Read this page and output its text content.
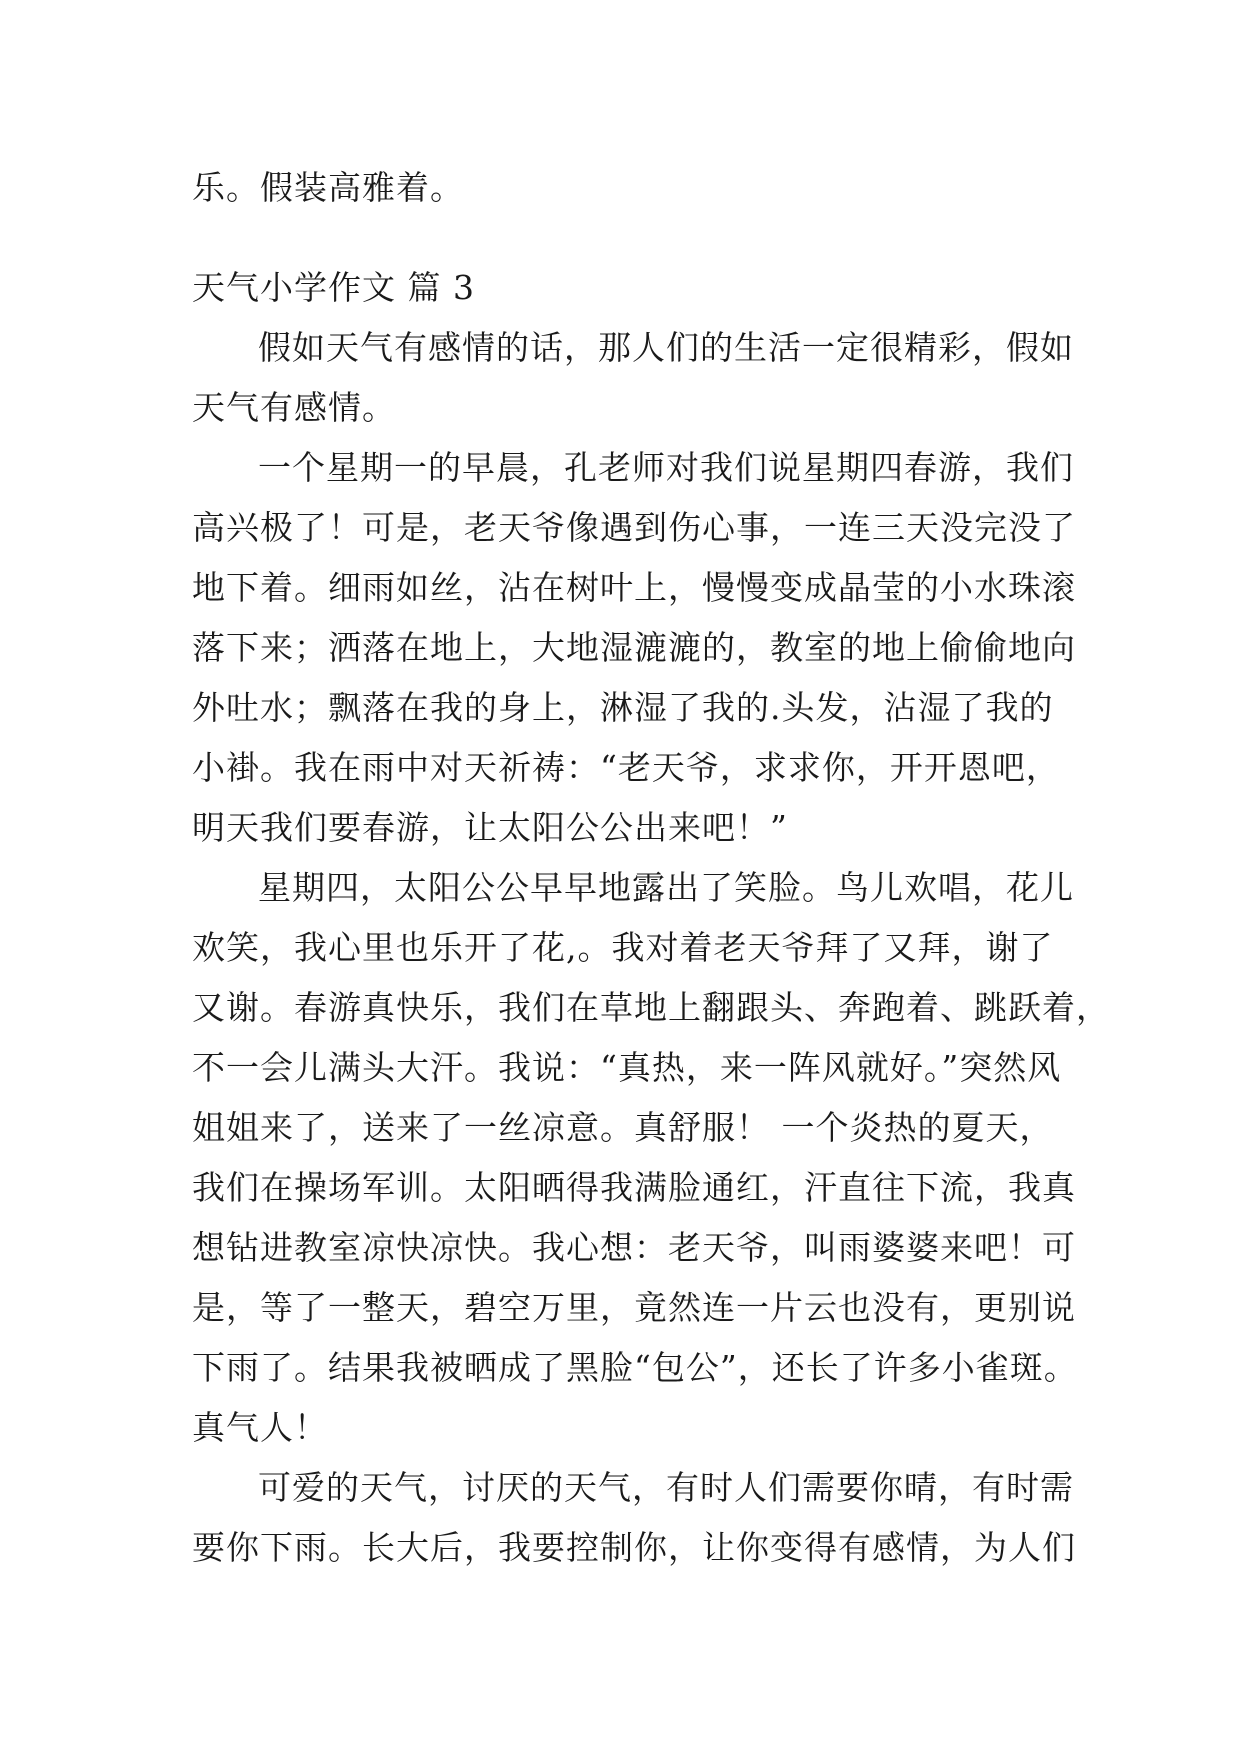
乐。假装高雅着。
天气小学作文 篇 3
假如天气有感情的话，那人们的生活一定很精彩，假如
天气有感情。
一个星期一的早晨，孔老师对我们说星期四春游，我们
高兴极了！可是，老天爷像遇到伤心事，一连三天没完没了
地下着。细雨如丝，沾在树叶上，慢慢变成晶莹的小水珠滚
落下来；洒落在地上，大地湿漉漉的，教室的地上偷偷地向
外吐水；飘落在我的身上，淋湿了我的.头发，沾湿了我的
小褂。我在雨中对天祈祷：“老天爷，求求你，开开恩吧，
明天我们要春游，让太阳公公出来吧！”
星期四，太阳公公早早地露出了笑脸。鸟儿欢唱，花儿
欢笑，我心里也乐开了花,。我对着老天爷拜了又拜，谢了
又谢。春游真快乐，我们在草地上翻跟头、奔跑着、跳跃着，
不一会儿满头大汗。我说：“真热，来一阵风就好。”突然风
姐姐来了，送来了一丝凉意。真舒服！ 一个炎热的夏天，
我们在操场军训。太阳晒得我满脸通红，汗直往下流，我真
想钻进教室凉快凉快。我心想：老天爷，叫雨婆婆来吧！可
是，等了一整天，碧空万里，竟然连一片云也没有，更别说
下雨了。结果我被晒成了黑脸“包公”，还长了许多小雀斑。
真气人！
可爱的天气，讨厌的天气，有时人们需要你晴，有时需
要你下雨。长大后，我要控制你，让你变得有感情，为人们
